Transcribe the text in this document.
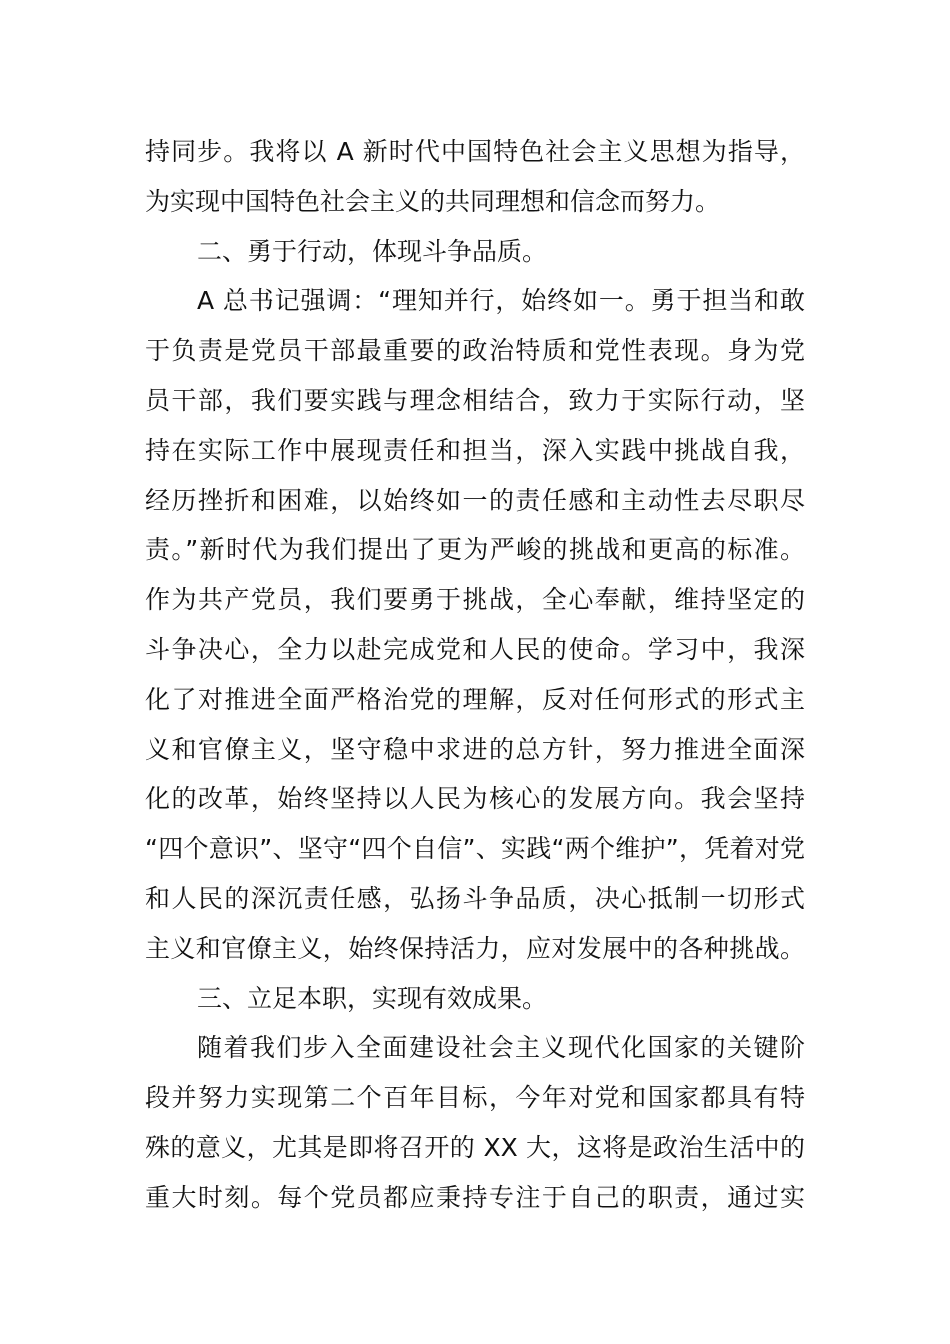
持同步。我将以 A 新时代中国特色社会主义思想为指导，
为实现中国特色社会主义的共同理想和信念而努力。
二、勇于行动，体现斗争品质。
A 总书记强调：“理知并行，始终如一。勇于担当和敢
于负责是党员干部最重要的政治特质和党性表现。身为党
员干部，我们要实践与理念相结合，致力于实际行动，坚
持在实际工作中展现责任和担当，深入实践中挑战自我，
经历挫折和困难，以始终如一的责任感和主动性去尽职尽
责。”新时代为我们提出了更为严峻的挑战和更高的标准。
作为共产党员，我们要勇于挑战，全心奉献，维持坚定的
斗争决心，全力以赴完成党和人民的使命。学习中，我深
化了对推进全面严格治党的理解，反对任何形式的形式主
义和官僚主义，坚守稳中求进的总方针，努力推进全面深
化的改革，始终坚持以人民为核心的发展方向。我会坚持
“四个意识”、坚守“四个自信”、实践“两个维护”，凭着对党
和人民的深沉责任感，弘扬斗争品质，决心抵制一切形式
主义和官僚主义，始终保持活力，应对发展中的各种挑战。
三、立足本职，实现有效成果。
随着我们步入全面建设社会主义现代化国家的关键阶
段并努力实现第二个百年目标，今年对党和国家都具有特
殊的意义，尤其是即将召开的 XX 大，这将是政治生活中的
重大时刻。每个党员都应秉持专注于自己的职责，通过实
